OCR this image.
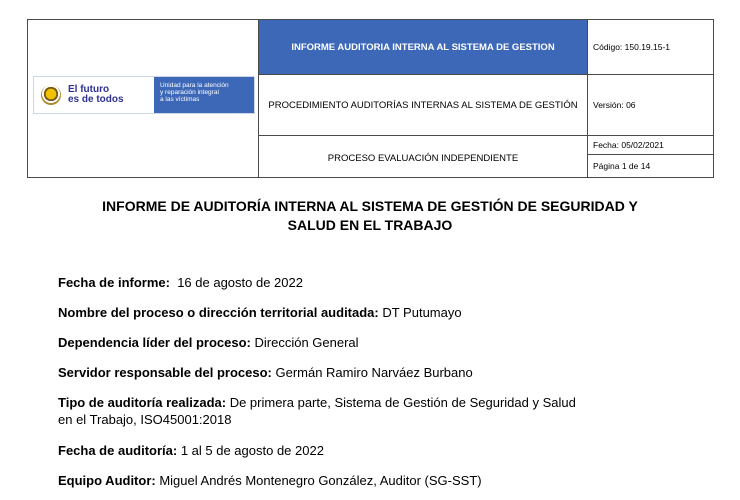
El futuro
es de todos
Unidad para la atención
y reparación integral
a las víctimas
INFORME AUDITORIA INTERNA AL SISTEMA DE GESTION
PROCEDIMIENTO AUDITORÍAS INTERNAS AL SISTEMA DE GESTIÓN
PROCESO EVALUACIÓN INDEPENDIENTE
Código: 150.19.15-1
Versión: 06
Fecha: 05/02/2021
Página 1 de 14
INFORME DE AUDITORÍA INTERNA AL SISTEMA DE GESTIÓN DE SEGURIDAD Y
SALUD EN EL TRABAJO
Fecha de informe:  16 de agosto de 2022
Nombre del proceso o dirección territorial auditada: DT Putumayo
Dependencia líder del proceso: Dirección General
Servidor responsable del proceso: Germán Ramiro Narváez Burbano
Tipo de auditoría realizada: De primera parte, Sistema de Gestión de Seguridad y Salud
en el Trabajo, ISO45001:2018
Fecha de auditoría: 1 al 5 de agosto de 2022
Equipo Auditor: Miguel Andrés Montenegro González, Auditor (SG-SST)
